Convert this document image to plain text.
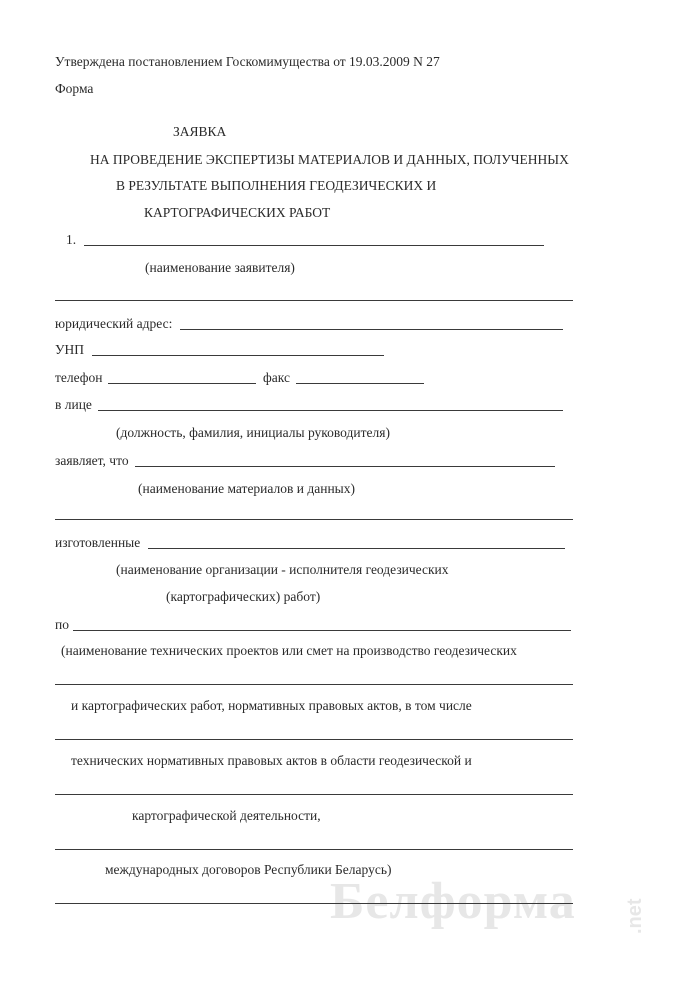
Утверждена постановлением Госкомимущества от 19.03.2009 N 27
Форма
ЗАЯВКА
НА ПРОВЕДЕНИЕ ЭКСПЕРТИЗЫ МАТЕРИАЛОВ И ДАННЫХ, ПОЛУЧЕННЫХ
В РЕЗУЛЬТАТЕ ВЫПОЛНЕНИЯ ГЕОДЕЗИЧЕСКИХ И
КАРТОГРАФИЧЕСКИХ РАБОТ
1.
(наименование заявителя)
юридический адрес:
УНП
телефон	факс
в лице
(должность, фамилия, инициалы руководителя)
заявляет, что
(наименование материалов и данных)
изготовленные
(наименование организации - исполнителя геодезических
(картографических) работ)
по
(наименование технических проектов или смет на производство геодезических
и картографических работ, нормативных правовых актов, в том числе
технических нормативных правовых актов в области геодезической и
картографической деятельности,
международных договоров Республики Беларусь)
Белформа .net
